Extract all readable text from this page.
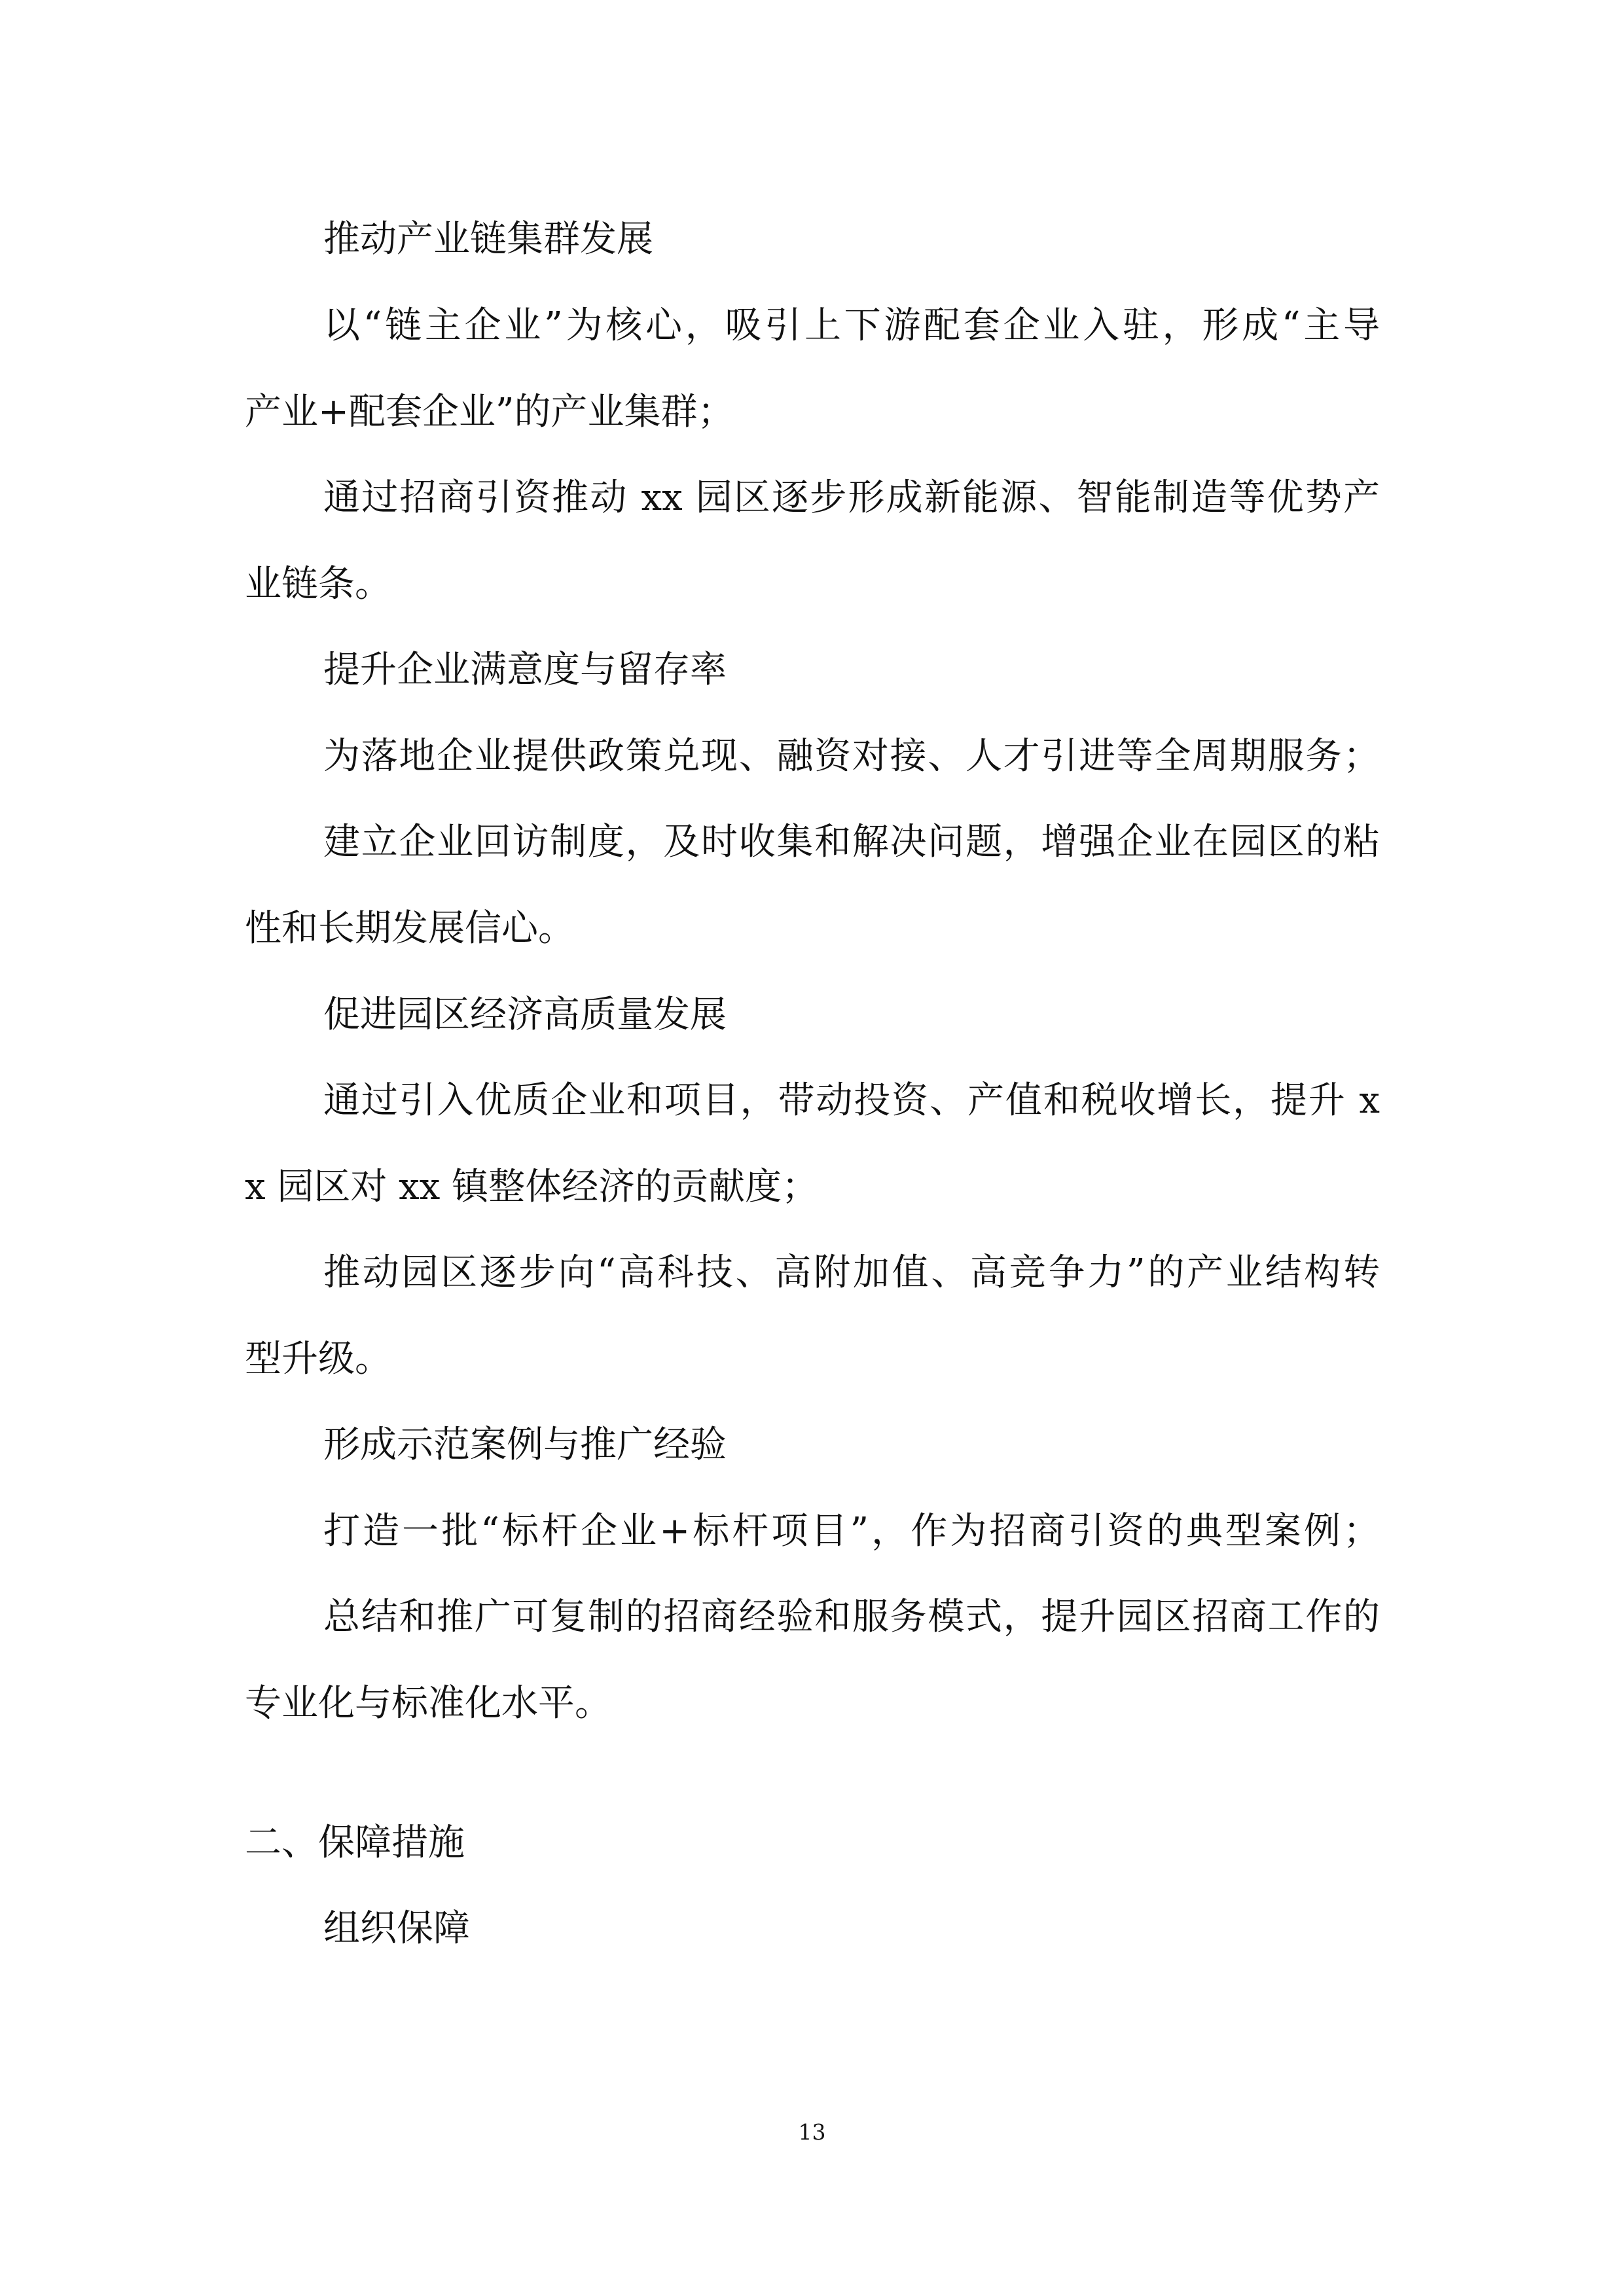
推动产业链集群发展

以“链主企业”为核心，吸引上下游配套企业入驻，形成“主导

产业+配套企业”的产业集群；

通过招商引资推动 xx 园区逐步形成新能源、智能制造等优势产

业链条。

提升企业满意度与留存率

为落地企业提供政策兑现、融资对接、人才引进等全周期服务；

建立企业回访制度，及时收集和解决问题，增强企业在园区的粘

性和长期发展信心。

促进园区经济高质量发展

通过引入优质企业和项目，带动投资、产值和税收增长，提升 x

x 园区对 xx 镇整体经济的贡献度；

推动园区逐步向“高科技、高附加值、高竞争力”的产业结构转

型升级。

形成示范案例与推广经验

打造一批“标杆企业+标杆项目”，作为招商引资的典型案例；

总结和推广可复制的招商经验和服务模式，提升园区招商工作的

专业化与标准化水平。

二、保障措施

组织保障

13
